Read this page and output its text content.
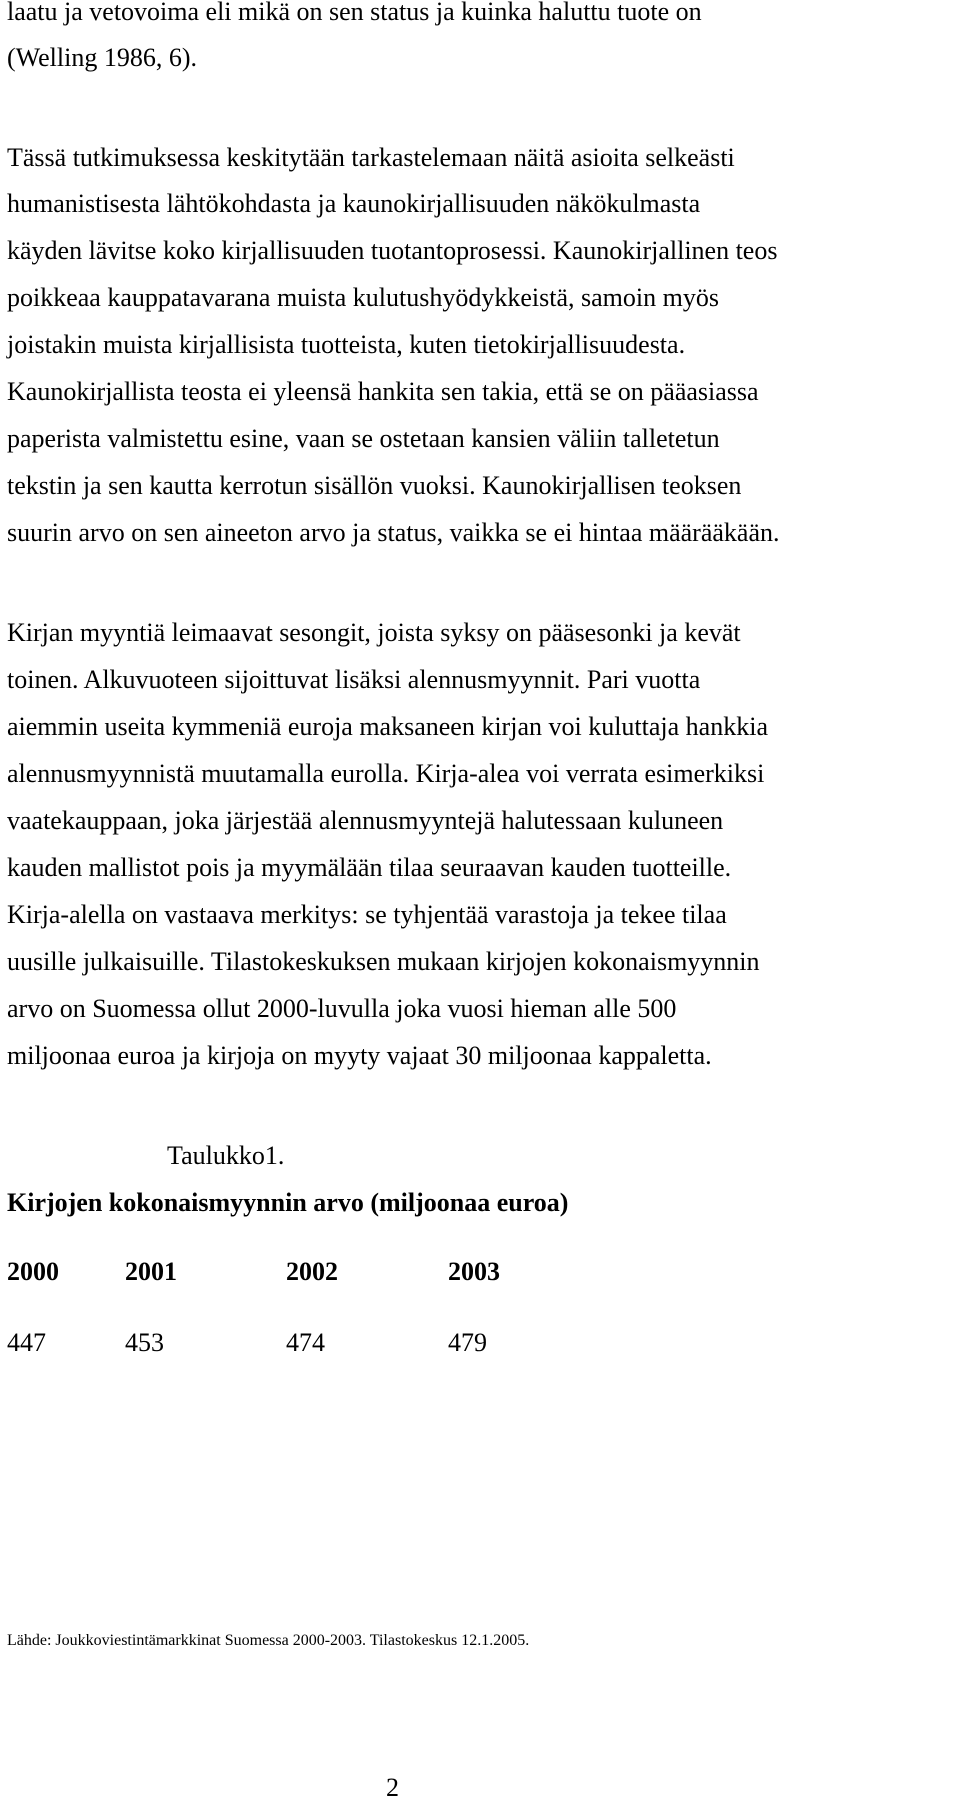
laatu ja vetovoima eli mikä on sen status ja kuinka haluttu tuote on

(Welling 1986, 6).

Tässä tutkimuksessa keskitytään tarkastelemaan näitä asioita selkeästi

humanistisesta lähtökohdasta ja kaunokirjallisuuden näkökulmasta

käyden lävitse koko kirjallisuuden tuotantoprosessi. Kaunokirjallinen teos

poikkeaa kauppatavarana muista kulutushyödykkeistä, samoin myös

joistakin muista kirjallisista tuotteista, kuten tietokirjallisuudesta.

Kaunokirjallista teosta ei yleensä hankita sen takia, että se on pääasiassa

paperista valmistettu esine, vaan se ostetaan kansien väliin talletetun

tekstin ja sen kautta kerrotun sisällön vuoksi. Kaunokirjallisen teoksen

suurin arvo on sen aineeton arvo ja status, vaikka se ei hintaa määrääkään.

Kirjan myyntiä leimaavat sesongit, joista syksy on pääsesonki ja kevät

toinen. Alkuvuoteen sijoittuvat lisäksi alennusmyynnit. Pari vuotta

aiemmin useita kymmeniä euroja maksaneen kirjan voi kuluttaja hankkia

alennusmyynnistä muutamalla eurolla. Kirja-alea voi verrata esimerkiksi

vaatekauppaan, joka järjestää alennusmyyntejä halutessaan kuluneen

kauden mallistot pois ja myymälään tilaa seuraavan kauden tuotteille.

Kirja-alella on vastaava merkitys: se tyhjentää varastoja ja tekee tilaa

uusille julkaisuille. Tilastokeskuksen mukaan kirjojen kokonaismyynnin

arvo on Suomessa ollut 2000-luvulla joka vuosi hieman alle 500

miljoonaa euroa ja kirjoja on myyty vajaat 30 miljoonaa kappaletta.

Taulukko1.

Kirjojen kokonaismyynnin arvo (miljoonaa euroa)

2000	2001	2002	2003
447	453	474	479

Lähde: Joukkoviestintämarkkinat Suomessa 2000-2003. Tilastokeskus 12.1.2005.

2
